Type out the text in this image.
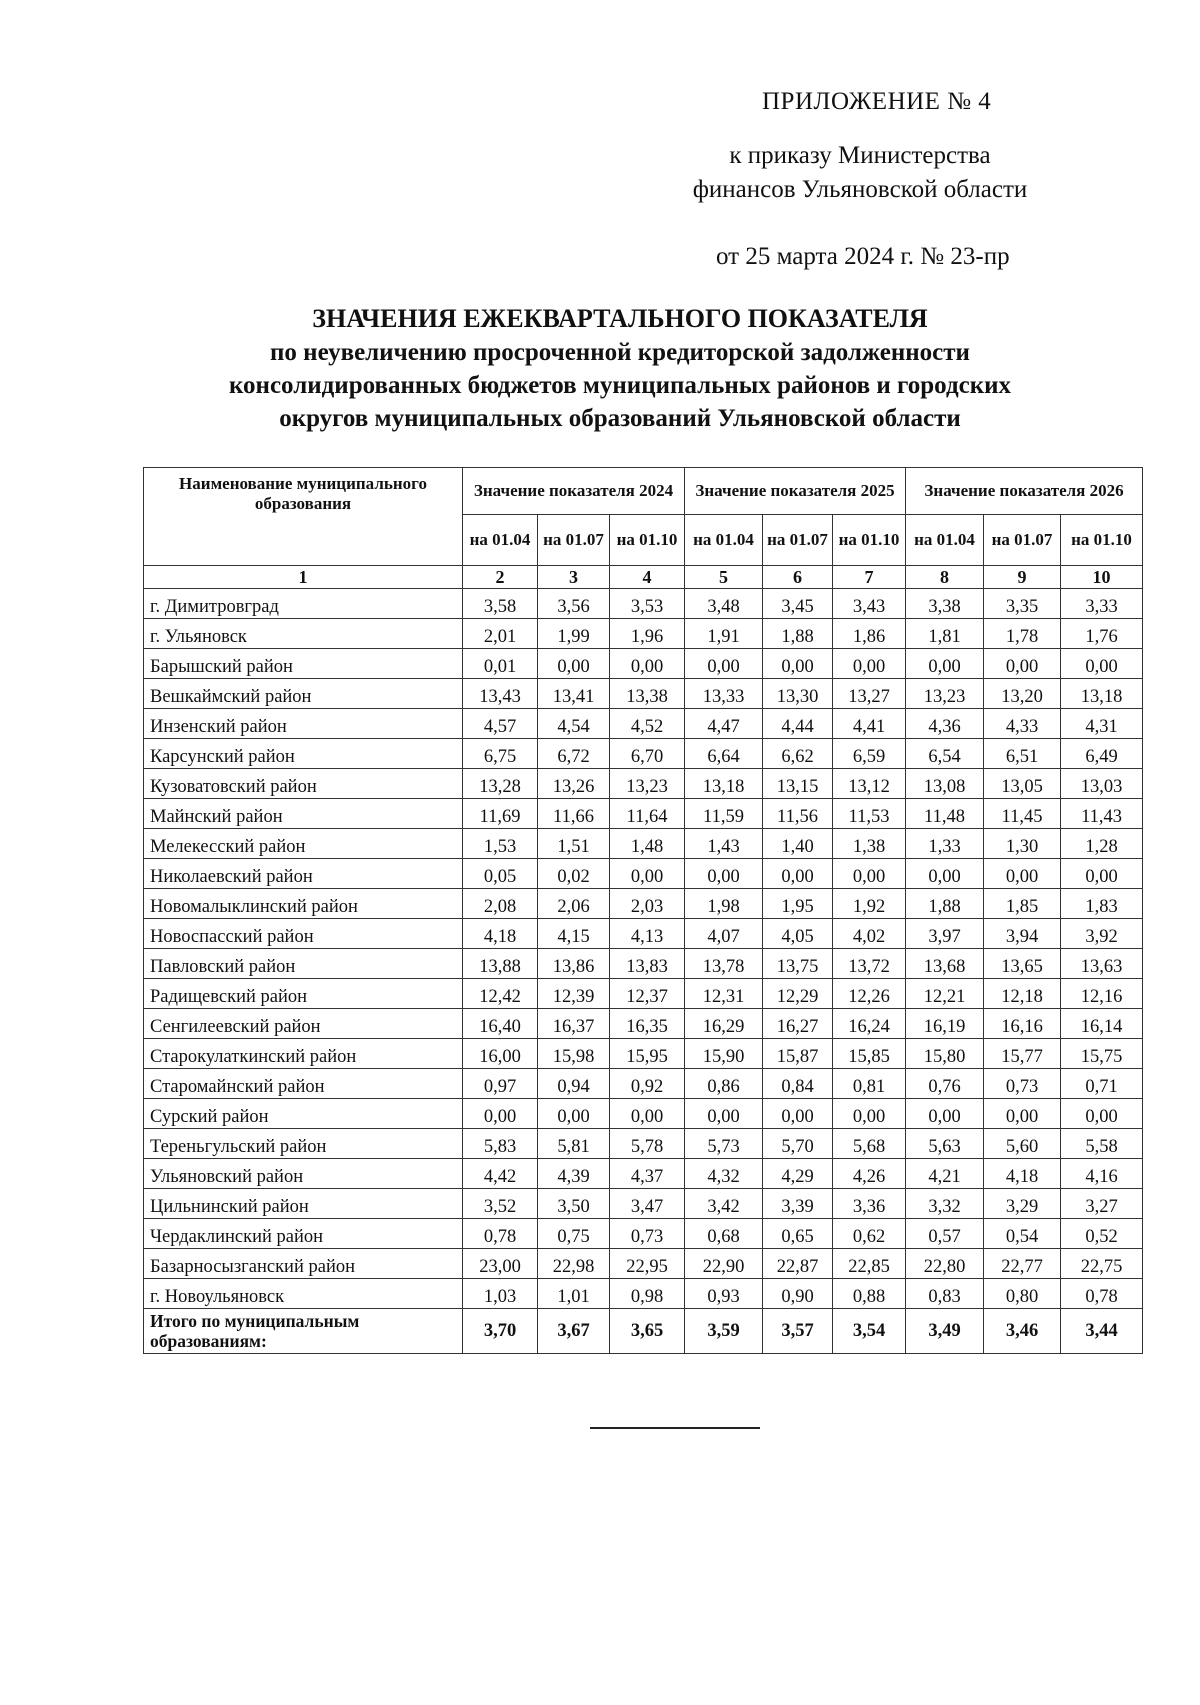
ПРИЛОЖЕНИЕ № 4
к приказу Министерства
финансов Ульяновской области
от 25 марта 2024 г. № 23-пр
ЗНАЧЕНИЯ ЕЖЕКВАРТАЛЬНОГО ПОКАЗАТЕЛЯ
по неувеличению просроченной кредиторской задолженности
консолидированных бюджетов муниципальных районов и городских
округов муниципальных образований Ульяновской области
Наименование муниципального образования	Значение показателя 2024			Значение показателя 2025			Значение показателя 2026		
	на 01.04	на 01.07	на 01.10	на 01.04	на 01.07	на 01.10	на 01.04	на 01.07	на 01.10
1	2	3	4	5	6	7	8	9	10
г. Димитровград	3,58	3,56	3,53	3,48	3,45	3,43	3,38	3,35	3,33
г. Ульяновск	2,01	1,99	1,96	1,91	1,88	1,86	1,81	1,78	1,76
Барышский район	0,01	0,00	0,00	0,00	0,00	0,00	0,00	0,00	0,00
Вешкаймский район	13,43	13,41	13,38	13,33	13,30	13,27	13,23	13,20	13,18
Инзенский район	4,57	4,54	4,52	4,47	4,44	4,41	4,36	4,33	4,31
Карсунский район	6,75	6,72	6,70	6,64	6,62	6,59	6,54	6,51	6,49
Кузоватовский район	13,28	13,26	13,23	13,18	13,15	13,12	13,08	13,05	13,03
Майнский район	11,69	11,66	11,64	11,59	11,56	11,53	11,48	11,45	11,43
Мелекесский район	1,53	1,51	1,48	1,43	1,40	1,38	1,33	1,30	1,28
Николаевский район	0,05	0,02	0,00	0,00	0,00	0,00	0,00	0,00	0,00
Новомалыклинский район	2,08	2,06	2,03	1,98	1,95	1,92	1,88	1,85	1,83
Новоспасский район	4,18	4,15	4,13	4,07	4,05	4,02	3,97	3,94	3,92
Павловский район	13,88	13,86	13,83	13,78	13,75	13,72	13,68	13,65	13,63
Радищевский район	12,42	12,39	12,37	12,31	12,29	12,26	12,21	12,18	12,16
Сенгилеевский район	16,40	16,37	16,35	16,29	16,27	16,24	16,19	16,16	16,14
Старокулаткинский район	16,00	15,98	15,95	15,90	15,87	15,85	15,80	15,77	15,75
Старомайнский район	0,97	0,94	0,92	0,86	0,84	0,81	0,76	0,73	0,71
Сурский район	0,00	0,00	0,00	0,00	0,00	0,00	0,00	0,00	0,00
Тереньгульский район	5,83	5,81	5,78	5,73	5,70	5,68	5,63	5,60	5,58
Ульяновский район	4,42	4,39	4,37	4,32	4,29	4,26	4,21	4,18	4,16
Цильнинский район	3,52	3,50	3,47	3,42	3,39	3,36	3,32	3,29	3,27
Чердаклинский район	0,78	0,75	0,73	0,68	0,65	0,62	0,57	0,54	0,52
Базарносызганский район	23,00	22,98	22,95	22,90	22,87	22,85	22,80	22,77	22,75
г. Новоульяновск	1,03	1,01	0,98	0,93	0,90	0,88	0,83	0,80	0,78
Итого по муниципальным образованиям:	3,70	3,67	3,65	3,59	3,57	3,54	3,49	3,46	3,44
